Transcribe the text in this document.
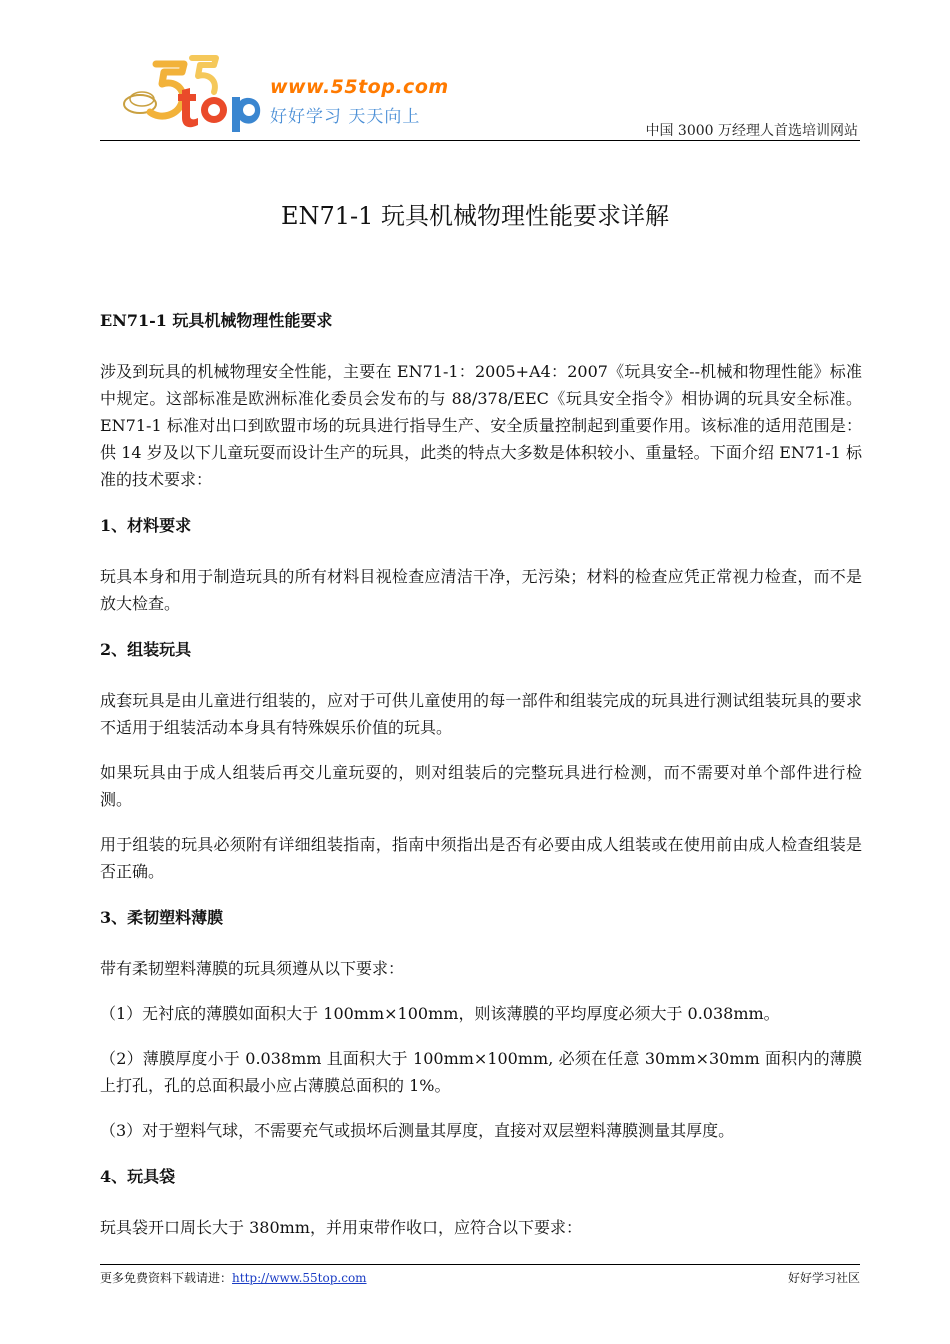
www.55top.com
好好学习 天天向上
中国 3000 万经理人首选培训网站
EN71-1 玩具机械物理性能要求详解

EN71-1 玩具机械物理性能要求

涉及到玩具的机械物理安全性能，主要在 EN71-1：2005+A4：2007《玩具安全--机械和物理性能》标准中规定。这部标准是欧洲标准化委员会发布的与 88/378/EEC《玩具安全指令》相协调的玩具安全标准。EN71-1 标准对出口到欧盟市场的玩具进行指导生产、安全质量控制起到重要作用。该标准的适用范围是：供 14 岁及以下儿童玩耍而设计生产的玩具，此类的特点大多数是体积较小、重量轻。下面介绍 EN71-1 标准的技术要求：

1、材料要求

玩具本身和用于制造玩具的所有材料目视检查应清洁干净，无污染；材料的检查应凭正常视力检查，而不是放大检查。

2、组装玩具

成套玩具是由儿童进行组装的，应对于可供儿童使用的每一部件和组装完成的玩具进行测试组装玩具的要求不适用于组装活动本身具有特殊娱乐价值的玩具。

如果玩具由于成人组装后再交儿童玩耍的，则对组装后的完整玩具进行检测，而不需要对单个部件进行检测。

用于组装的玩具必须附有详细组装指南，指南中须指出是否有必要由成人组装或在使用前由成人检查组装是否正确。

3、柔韧塑料薄膜

带有柔韧塑料薄膜的玩具须遵从以下要求：

（1）无衬底的薄膜如面积大于 100mm×100mm，则该薄膜的平均厚度必须大于 0.038mm。

（2）薄膜厚度小于 0.038mm 且面积大于 100mm×100mm, 必须在任意 30mm×30mm 面积内的薄膜上打孔，孔的总面积最小应占薄膜总面积的 1%。

（3）对于塑料气球，不需要充气或损坏后测量其厚度，直接对双层塑料薄膜测量其厚度。

4、玩具袋

玩具袋开口周长大于 380mm，并用束带作收口，应符合以下要求：

更多免费资料下载请进：http://www.55top.com	好好学习社区
